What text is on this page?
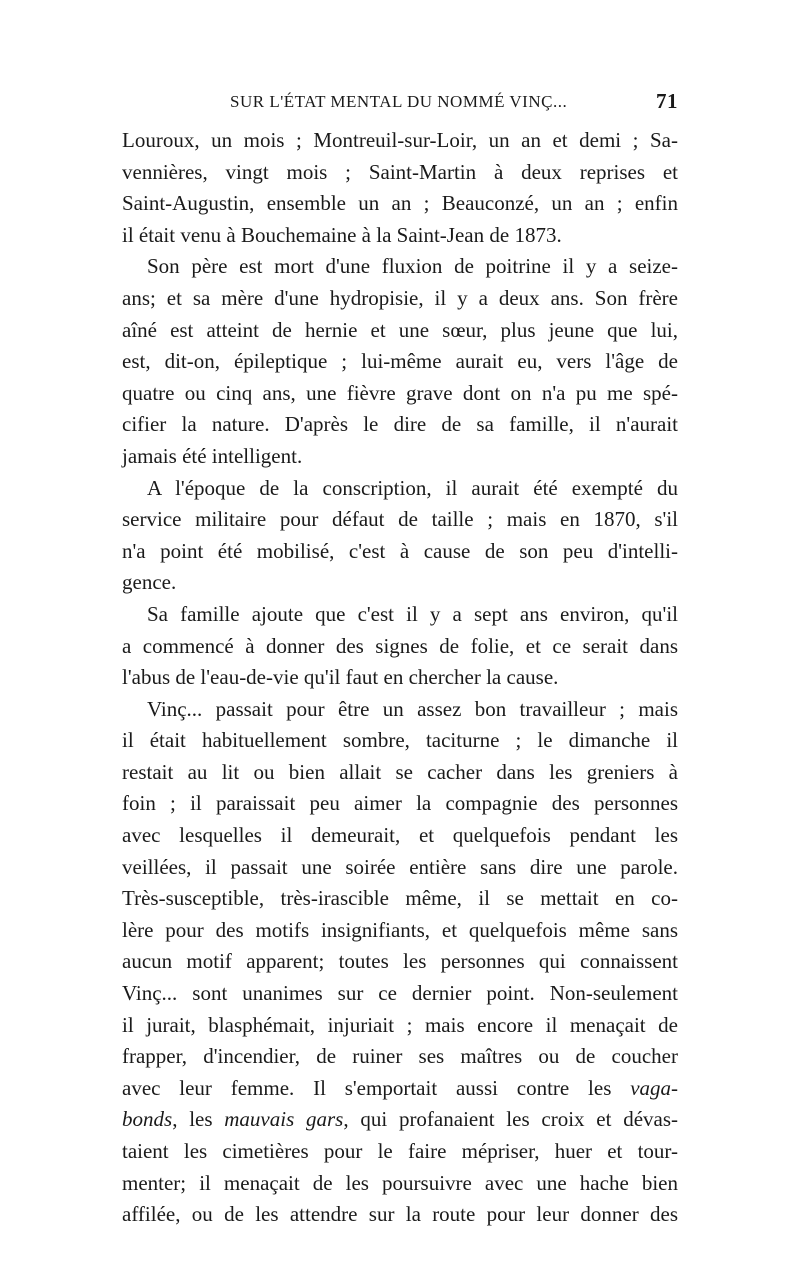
SUR L'ÉTAT MENTAL DU NOMMÉ VINÇ...	71
Louroux, un mois ; Montreuil-sur-Loir, un an et demi ; Sa-
vennières, vingt mois ; Saint-Martin à deux reprises et
Saint-Augustin, ensemble un an ; Beauconzé, un an ; enfin
il était venu à Bouchemaine à la Saint-Jean de 1873.
Son père est mort d'une fluxion de poitrine il y a seize-
ans; et sa mère d'une hydropisie, il y a deux ans. Son frère
aîné est atteint de hernie et une sœur, plus jeune que lui,
est, dit-on, épileptique ; lui-même aurait eu, vers l'âge de
quatre ou cinq ans, une fièvre grave dont on n'a pu me spé-
cifier la nature. D'après le dire de sa famille, il n'aurait
jamais été intelligent.
A l'époque de la conscription, il aurait été exempté du
service militaire pour défaut de taille ; mais en 1870, s'il
n'a point été mobilisé, c'est à cause de son peu d'intelli-
gence.
Sa famille ajoute que c'est il y a sept ans environ, qu'il
a commencé à donner des signes de folie, et ce serait dans
l'abus de l'eau-de-vie qu'il faut en chercher la cause.
Vinç... passait pour être un assez bon travailleur ; mais
il était habituellement sombre, taciturne ; le dimanche il
restait au lit ou bien allait se cacher dans les greniers à
foin ; il paraissait peu aimer la compagnie des personnes
avec lesquelles il demeurait, et quelquefois pendant les
veillées, il passait une soirée entière sans dire une parole.
Très-susceptible, très-irascible même, il se mettait en co-
lère pour des motifs insignifiants, et quelquefois même sans
aucun motif apparent; toutes les personnes qui connaissent
Vinç... sont unanimes sur ce dernier point. Non-seulement
il jurait, blasphémait, injuriait ; mais encore il menaçait de
frapper, d'incendier, de ruiner ses maîtres ou de coucher
avec leur femme. Il s'emportait aussi contre les vaga-
bonds, les mauvais gars, qui profanaient les croix et dévas-
taient les cimetières pour le faire mépriser, huer et tour-
menter; il menaçait de les poursuivre avec une hache bien
affilée, ou de les attendre sur la route pour leur donner des
